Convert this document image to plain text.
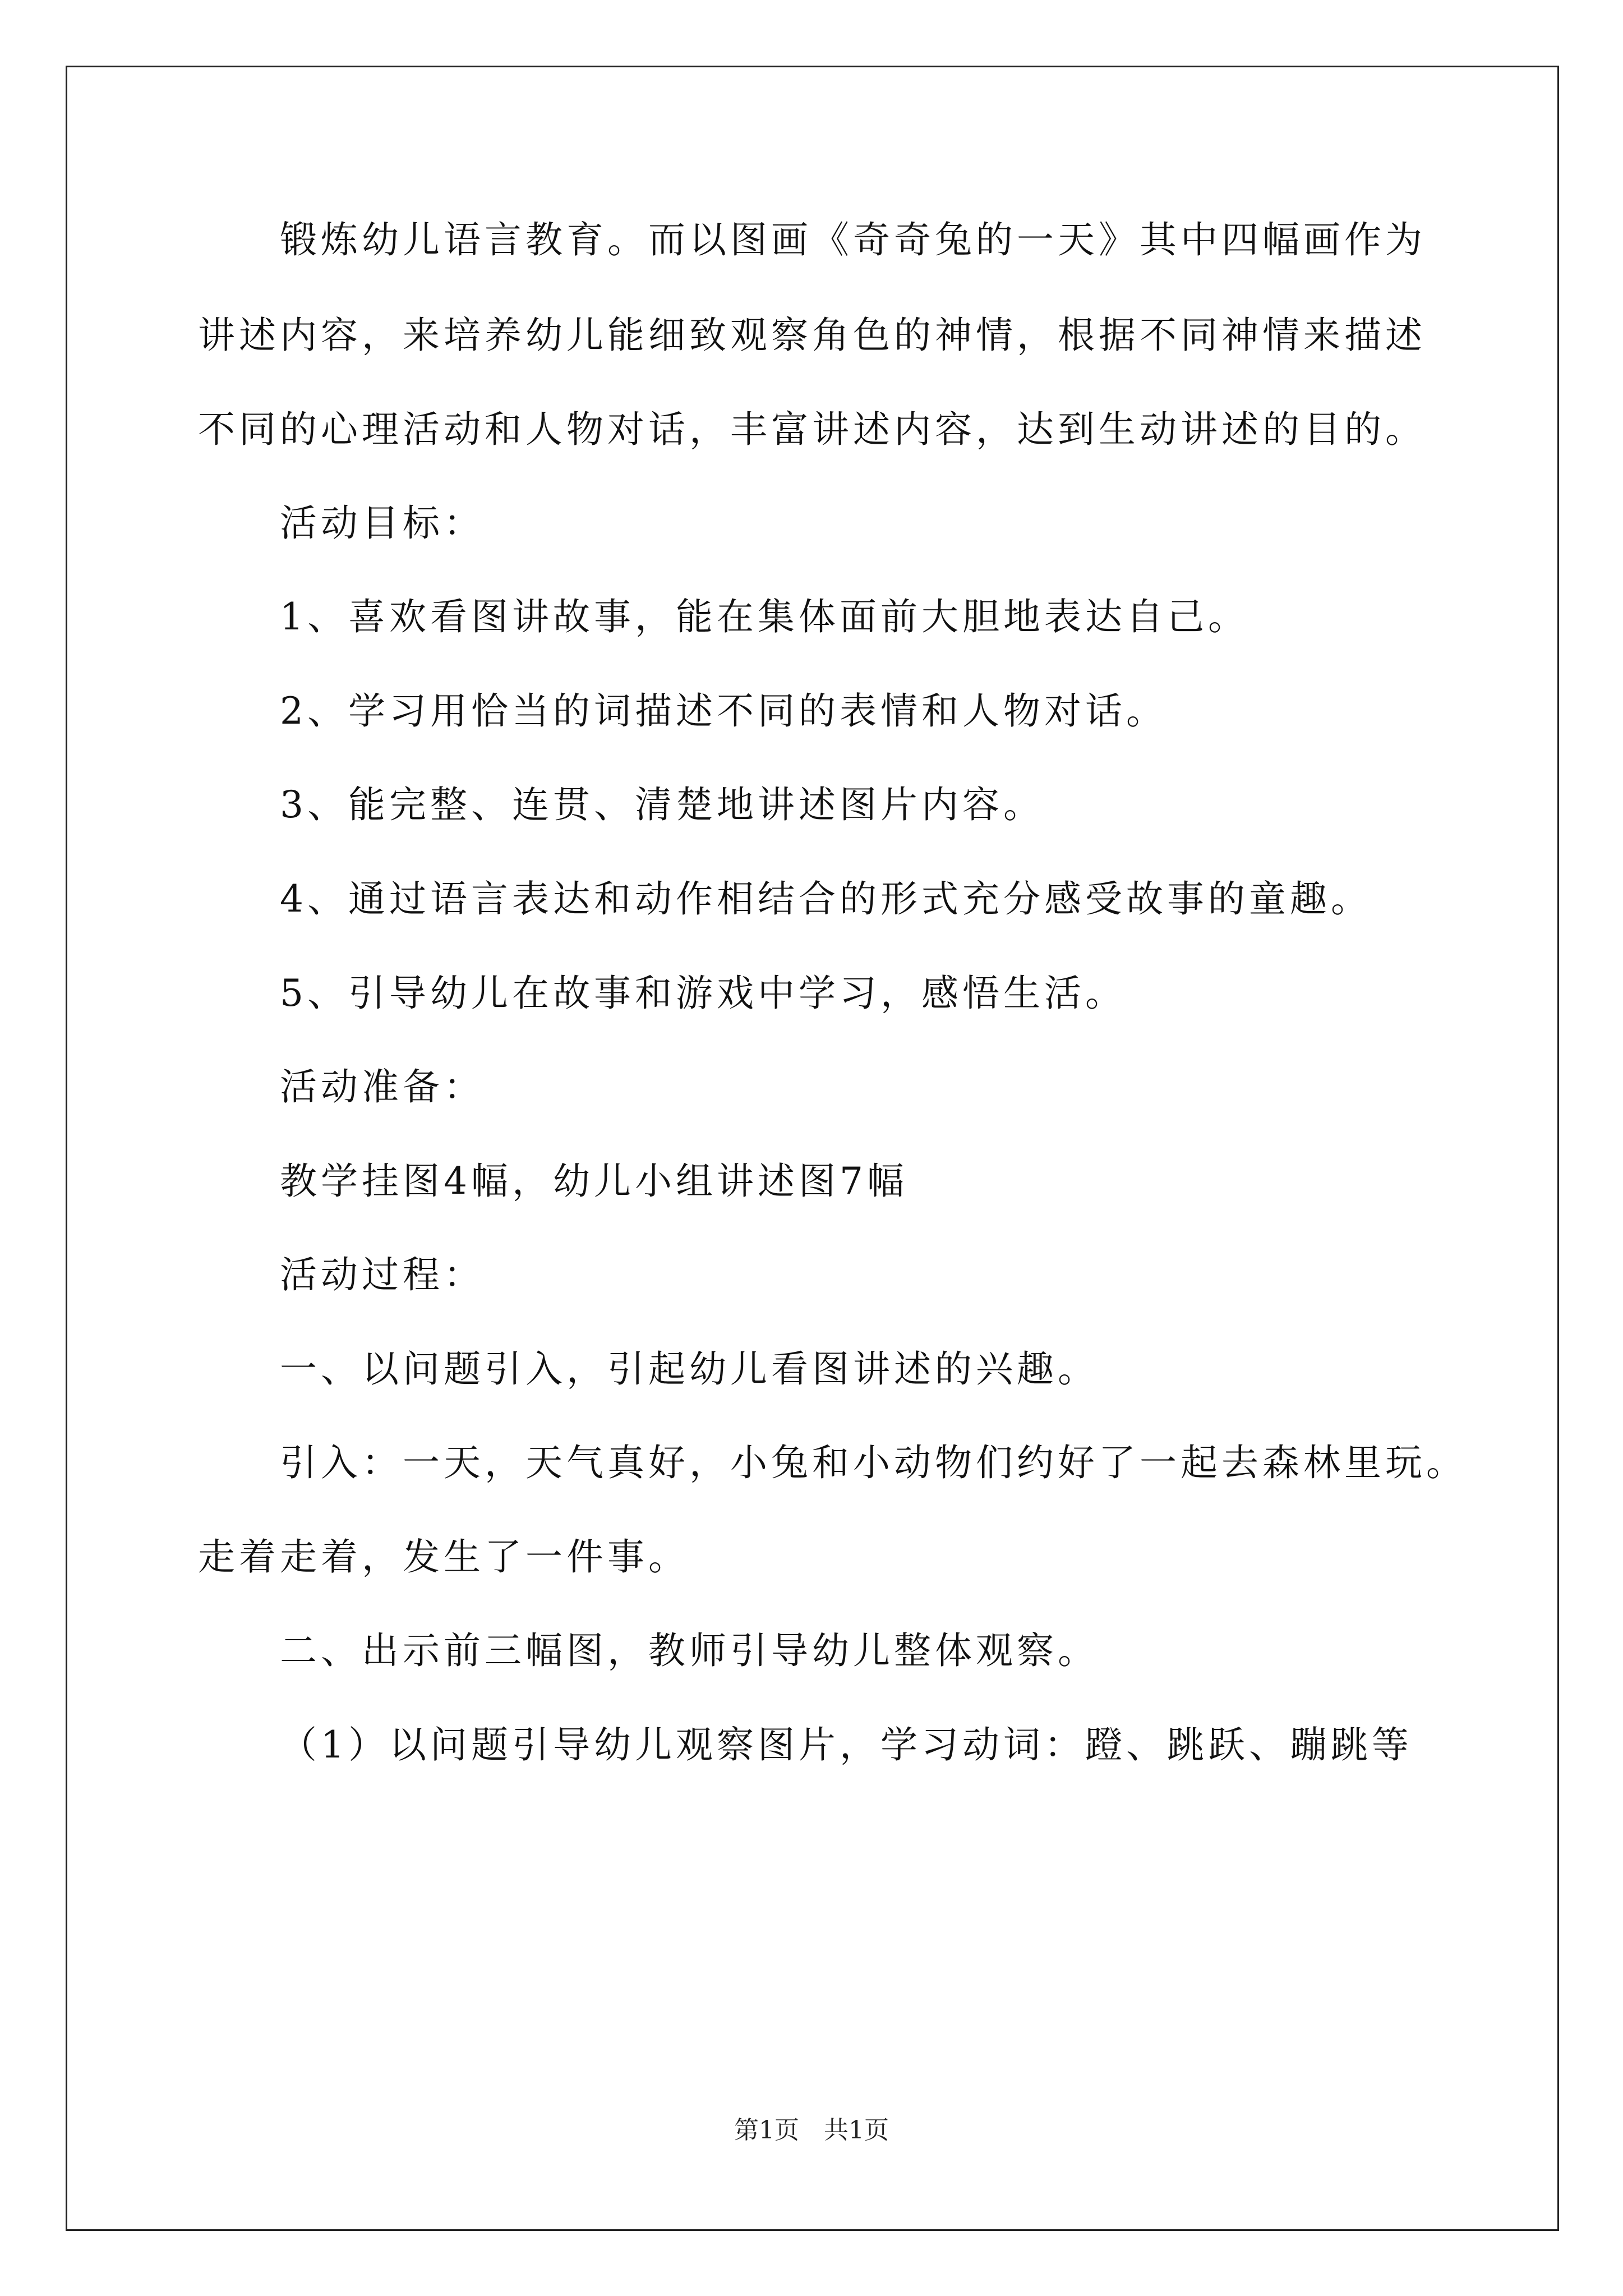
锻炼幼儿语言教育。而以图画《奇奇兔的一天》其中四幅画作为

讲述内容，来培养幼儿能细致观察角色的神情，根据不同神情来描述

不同的心理活动和人物对话，丰富讲述内容，达到生动讲述的目的。

活动目标：

1、喜欢看图讲故事，能在集体面前大胆地表达自己。

2、学习用恰当的词描述不同的表情和人物对话。

3、能完整、连贯、清楚地讲述图片内容。

4、通过语言表达和动作相结合的形式充分感受故事的童趣。

5、引导幼儿在故事和游戏中学习，感悟生活。

活动准备：

教学挂图4幅，幼儿小组讲述图7幅

活动过程：

一、以问题引入，引起幼儿看图讲述的兴趣。

引入：一天，天气真好，小兔和小动物们约好了一起去森林里玩。

走着走着，发生了一件事。

二、出示前三幅图，教师引导幼儿整体观察。

（1）以问题引导幼儿观察图片，学习动词：蹬、跳跃、蹦跳等

第1页　共1页
